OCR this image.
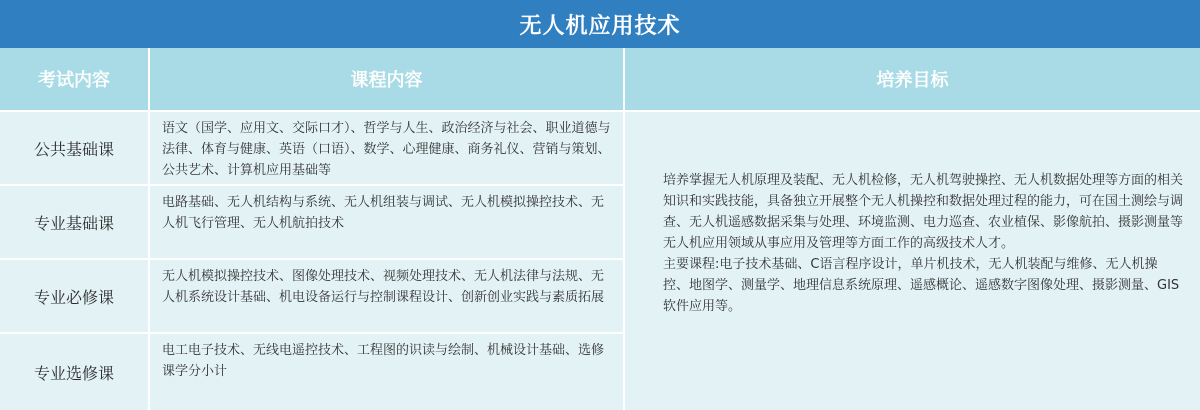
无人机应用技术
考试内容	课程内容	培养目标
公共基础课
语文（国学、应用文、交际口才）、哲学与人生、政治经济与社会、职业道德与法律、体育与健康、英语（口语）、数学、心理健康、商务礼仪、营销与策划、公共艺术、计算机应用基础等
专业基础课
电路基础、无人机结构与系统、无人机组装与调试、无人机模拟操控技术、无人机飞行管理、无人机航拍技术
专业必修课
无人机模拟操控技术、图像处理技术、视频处理技术、无人机法律与法规、无人机系统设计基础、机电设备运行与控制课程设计、创新创业实践与素质拓展
专业选修课
电工电子技术、无线电遥控技术、工程图的识读与绘制、机械设计基础、选修课学分小计

培养掌握无人机原理及装配、无人机检修，无人机驾驶操控、无人机数据处理等方面的相关知识和实践技能，具备独立开展整个无人机操控和数据处理过程的能力，可在国土测绘与调查、无人机遥感数据采集与处理、环境监测、电力巡查、农业植保、影像航拍、摄影测量等无人机应用领域从事应用及管理等方面工作的高级技术人才。

主要课程:电子技术基础、C语言程序设计，单片机技术，无人机装配与维修、无人机操控、地图学、测量学、地理信息系统原理、遥感概论、遥感数字图像处理、摄影测量、GIS软件应用等。
